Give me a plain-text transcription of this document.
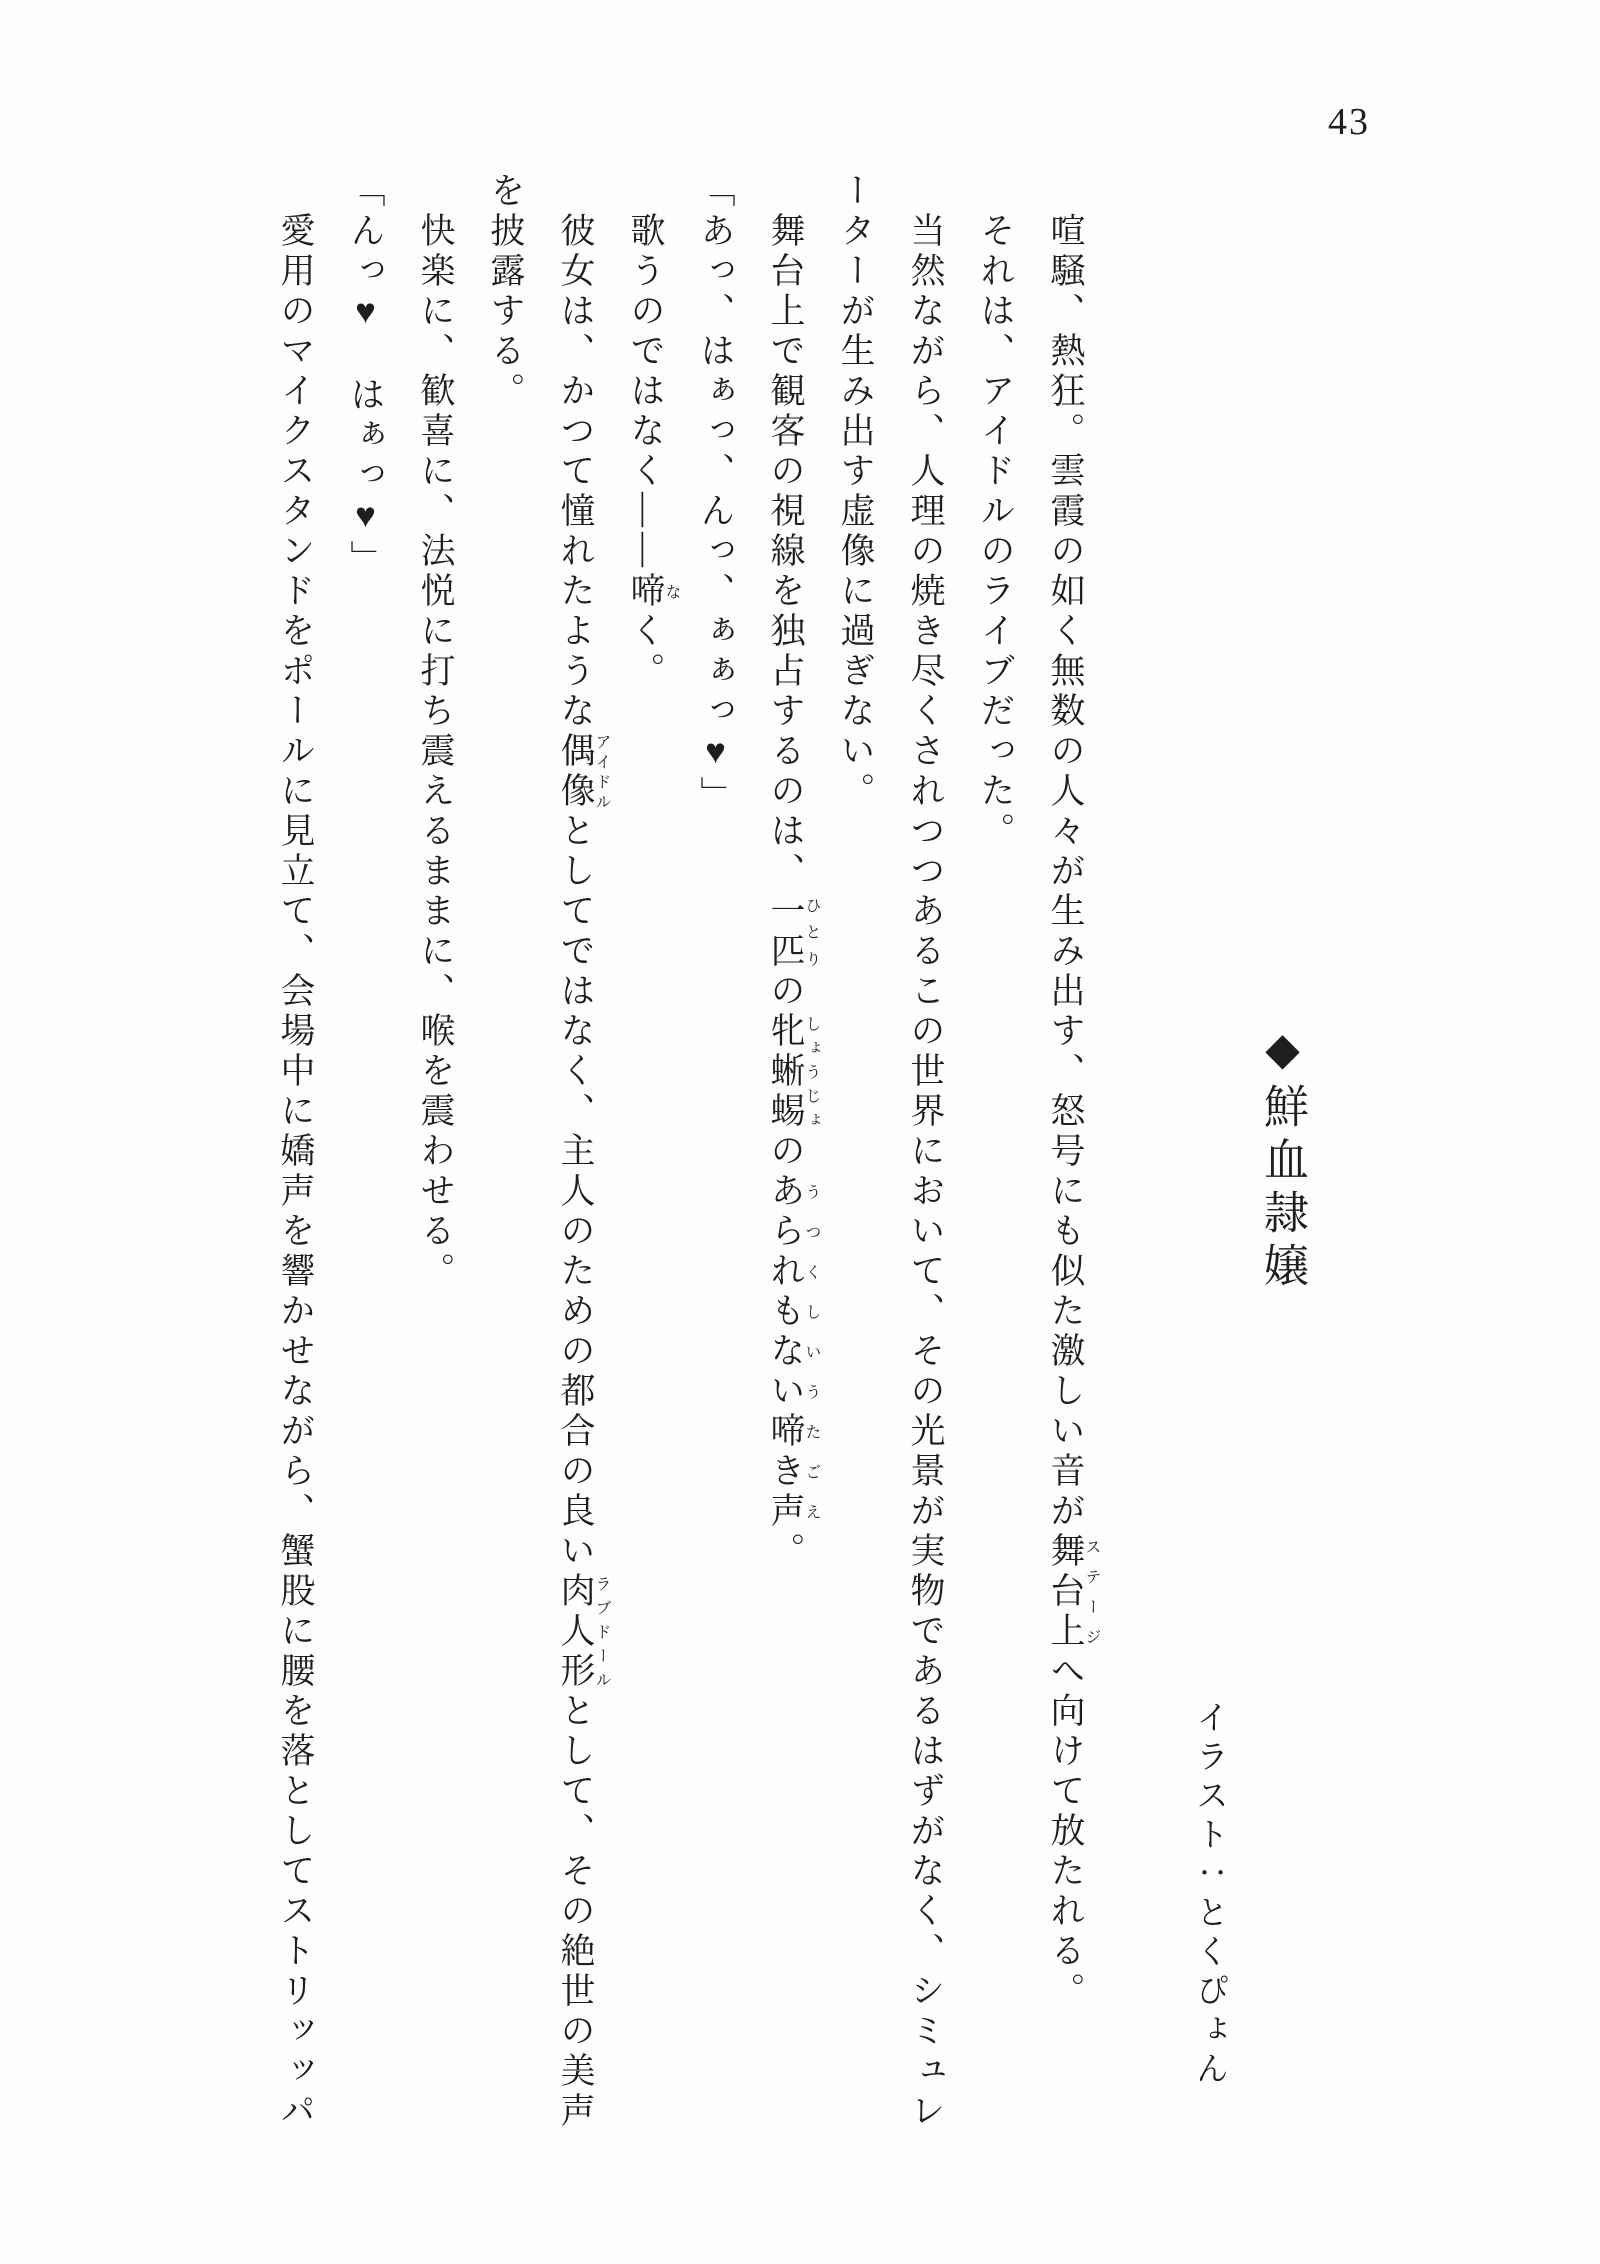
43
◆鮮血隷嬢
イラスト：とくぴょん
喧騒、熱狂。雲霞の如く無数の人々が生み出す、怒号にも似た激しい音が舞台上ステージへ向けて放たれる。
それは、アイドルのライブだった。
当然ながら、人理の焼き尽くされつつあるこの世界において、その光景が実物であるはずがなく、シミュレ
ーターが生み出す虚像に過ぎない。
舞台上で観客の視線を独占するのは、一匹ひとりの牝蜥蜴しょうじょのあられもない啼き声うつくしいうたごえ。
「あっ、はぁっ、んっ、ぁぁっ♥」
歌うのではなく――啼なく。
彼女は、かつて憧れたような偶像アイドルとしてではなく、主人のための都合の良い肉人形ラブドールとして、その絶世の美声
を披露する。
快楽に、歓喜に、法悦に打ち震えるままに、喉を震わせる。
「んっ♥　はぁっ♥」
愛用のマイクスタンドをポールに見立て、会場中に嬌声を響かせながら、蟹股に腰を落としてストリッッパ
